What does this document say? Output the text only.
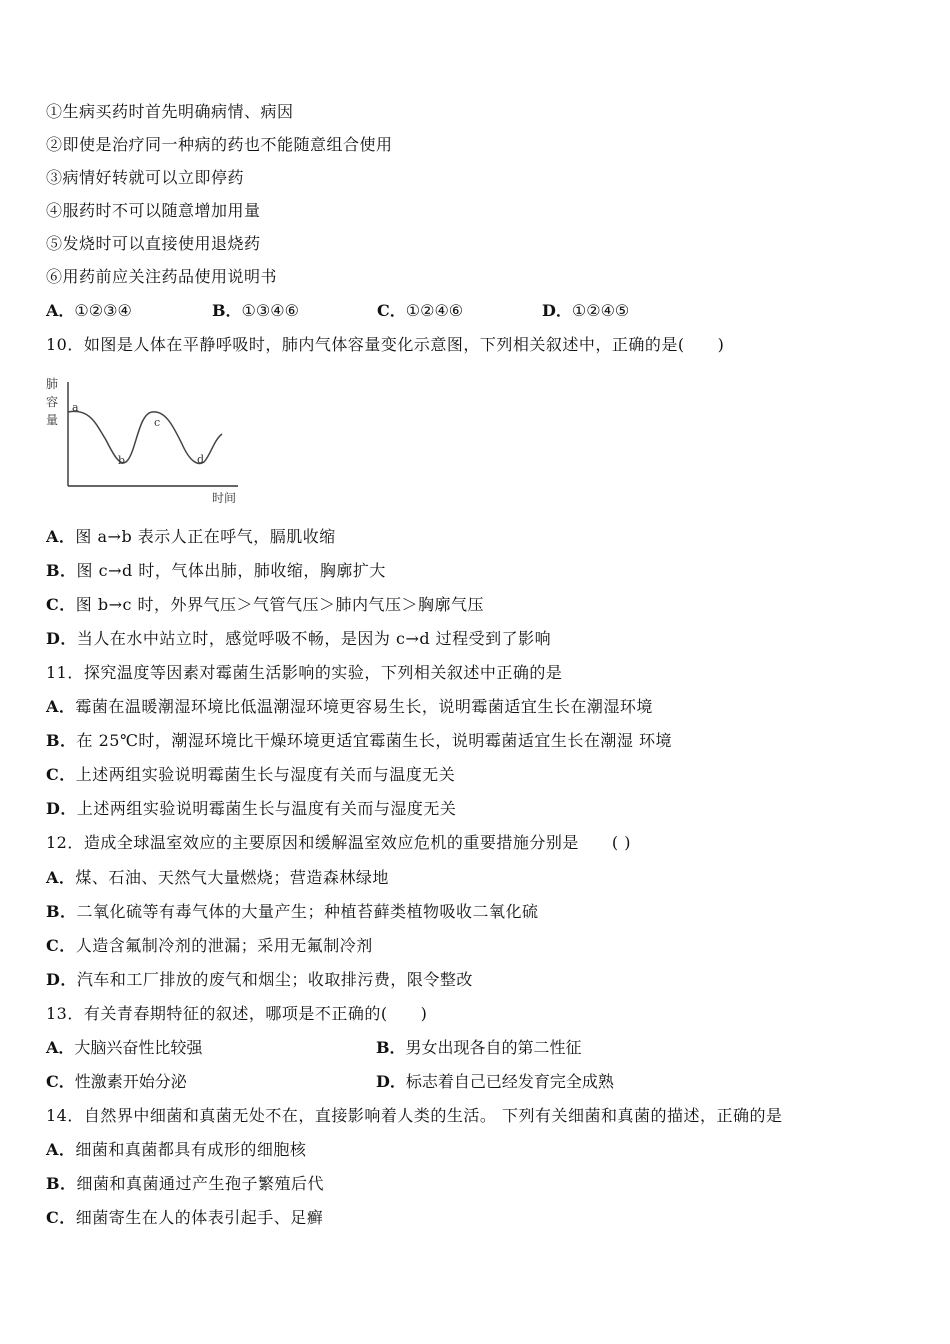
①生病买药时首先明确病情、病因
②即使是治疗同一种病的药也不能随意组合使用
③病情好转就可以立即停药
④服药时不可以随意增加用量
⑤发烧时可以直接使用退烧药
⑥用药前应关注药品使用说明书
A．①②③④	B．①③④⑥	C．①②④⑥	D．①②④⑤
10．如图是人体在平静呼吸时，肺内气体容量变化示意图，下列相关叙述中，正确的是(　　)
肺
容
量
时间
a
b
c
d
A．图 a→b 表示人正在呼气，膈肌收缩
B．图 c→d 时，气体出肺，肺收缩，胸廓扩大
C．图 b→c 时，外界气压＞气管气压＞肺内气压＞胸廓气压
D．当人在水中站立时，感觉呼吸不畅，是因为 c→d 过程受到了影响
11．探究温度等因素对霉菌生活影响的实验，下列相关叙述中正确的是
A．霉菌在温暖潮湿环境比低温潮湿环境更容易生长，说明霉菌适宜生长在潮湿环境
B．在 25℃时，潮湿环境比干燥环境更适宜霉菌生长，说明霉菌适宜生长在潮湿 环境
C．上述两组实验说明霉菌生长与湿度有关而与温度无关
D．上述两组实验说明霉菌生长与温度有关而与湿度无关
12．造成全球温室效应的主要原因和缓解温室效应危机的重要措施分别是　　( )
A．煤、石油、天然气大量燃烧；营造森林绿地
B．二氧化硫等有毒气体的大量产生；种植苔藓类植物吸收二氧化硫
C．人造含氟制冷剂的泄漏；采用无氟制冷剂
D．汽车和工厂排放的废气和烟尘；收取排污费，限令整改
13．有关青春期特征的叙述，哪项是不正确的(　　)
A．大脑兴奋性比较强	B．男女出现各自的第二性征
C．性激素开始分泌	D．标志着自己已经发育完全成熟
14．自然界中细菌和真菌无处不在，直接影响着人类的生活。 下列有关细菌和真菌的描述，正确的是
A．细菌和真菌都具有成形的细胞核
B．细菌和真菌通过产生孢子繁殖后代
C．细菌寄生在人的体表引起手、足癣
